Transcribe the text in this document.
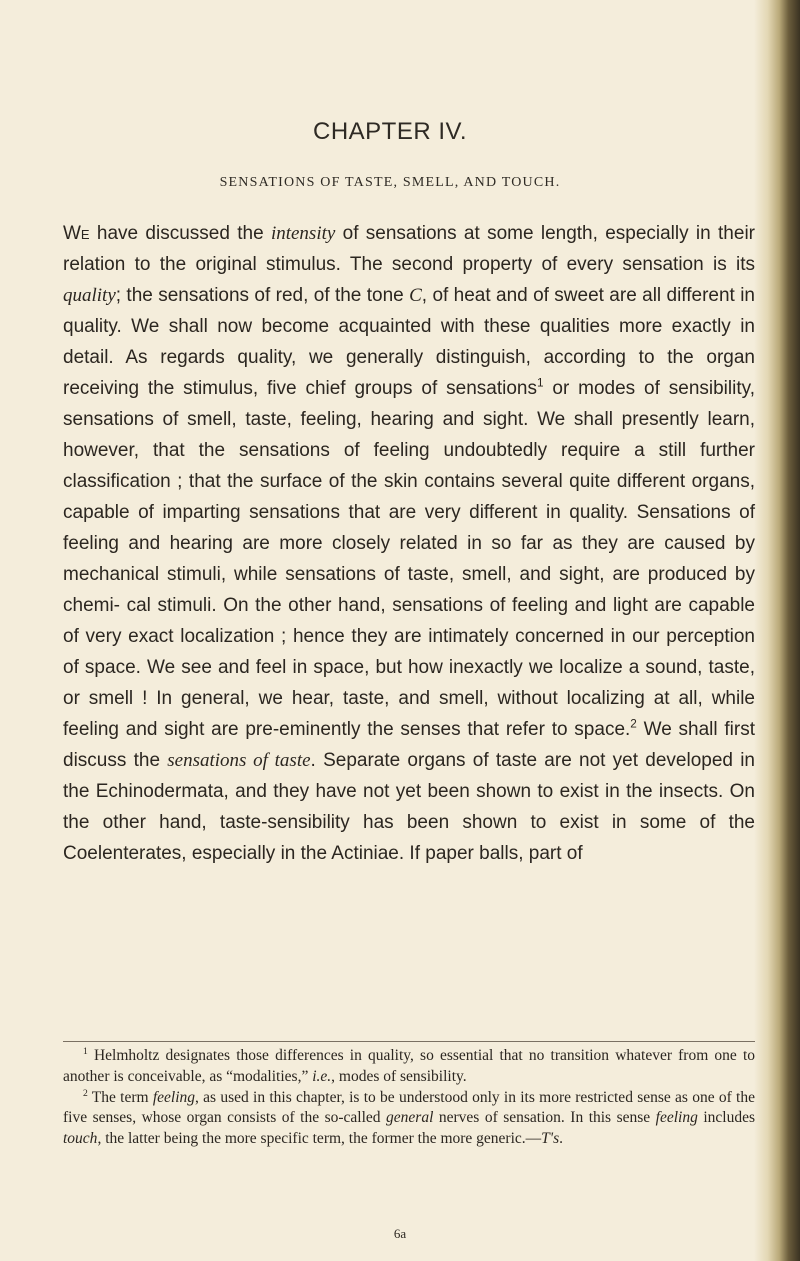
CHAPTER IV.
SENSATIONS OF TASTE, SMELL, AND TOUCH.

We have discussed the intensity of sensations at some length, especially in their relation to the original stimulus. The second property of every sensation is its quality; the sensations of red, of the tone C, of heat and of sweet are all different in quality. We shall now become acquainted with these qualities more exactly in detail. As regards quality, we generally distinguish, according to the organ receiving the stimulus, five chief groups of sensations$^1$ or modes of sensibility, sensations of smell, taste, feeling, hearing and sight. We shall presently learn, however, that the sensations of feeling undoubtedly require a still further classification ; that the surface of the skin contains several quite different organs, capable of imparting sensations that are very different in quality. Sensations of feeling and hearing are more closely related in so far as they are caused by mechanical stimuli, while sensations of taste, smell, and sight, are produced by chemi- cal stimuli. On the other hand, sensations of feeling and light are capable of very exact localization ; hence they are intimately concerned in our perception of space. We see and feel in space, but how inexactly we localize a sound, taste, or smell ! In general, we hear, taste, and smell, without localizing at all, while feeling and sight are pre-eminently the senses that refer to space.$^2$ We shall first discuss the sensations of taste. Separate organs of taste are not yet developed in the Echinodermata, and they have not yet been shown to exist in the insects. On the other hand, taste-sensibility has been shown to exist in some of the Coelenterates, especially in the Actiniae. If paper balls, part of

$^1$ Helmholtz designates those differences in quality, so essential that no transition whatever from one to another is conceivable, as “modalities,” i.e., modes of sensibility.

$^2$ The term feeling, as used in this chapter, is to be understood only in its more restricted sense as one of the five senses, whose organ consists of the so-called general nerves of sensation. In this sense feeling includes touch, the latter being the more specific term, the former the more generic.—T's.

6a
